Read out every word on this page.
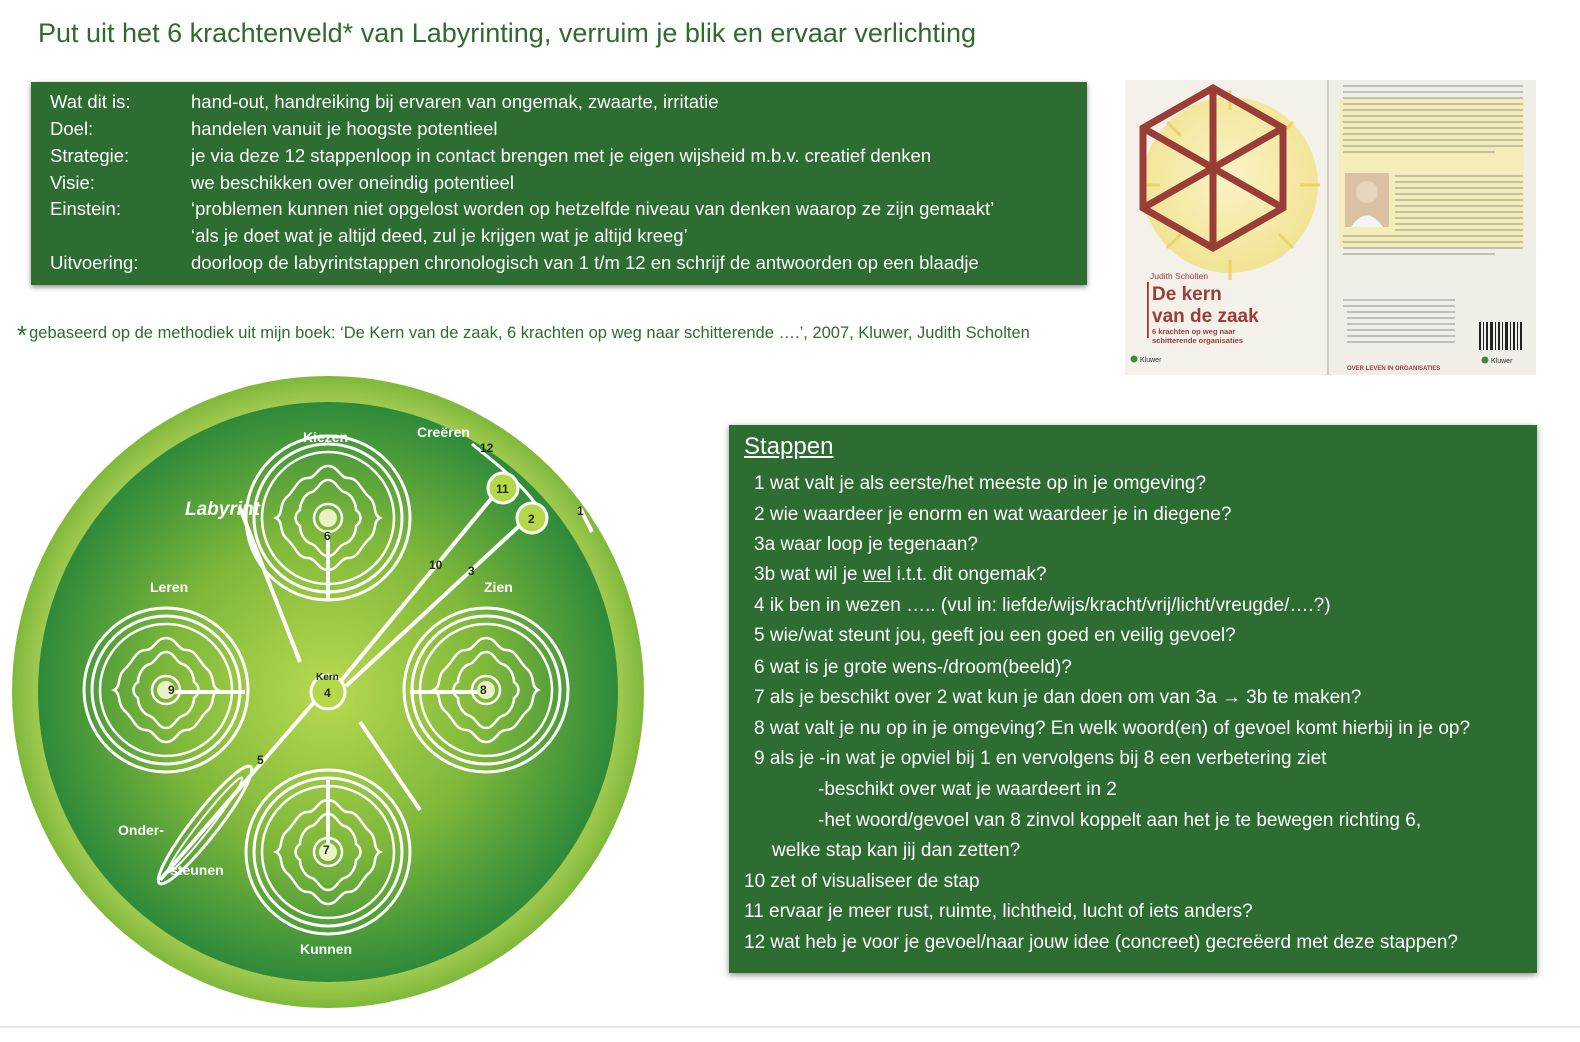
Put uit het 6 krachtenveld* van Labyrinting, verruim je blik en ervaar verlichting
Wat dit is:	hand-out, handreiking bij ervaren van ongemak, zwaarte, irritatie
Doel:	handelen vanuit je hoogste potentieel
Strategie:	je via deze 12 stappenloop in contact brengen met je eigen wijsheid m.b.v. creatief denken
Visie:	we beschikken over oneindig potentieel
Einstein:	‘problemen kunnen niet opgelost worden op hetzelfde niveau van denken waarop ze zijn gemaakt’
‘als je doet wat je altijd deed, zul je krijgen wat je altijd kreeg’
Uitvoering:	doorloop de labyrintstappen chronologisch van 1 t/m 12 en schrijf de antwoorden op een blaadje
* gebaseerd op de methodiek uit mijn boek: ‘De Kern van de zaak, 6 krachten op weg naar schitterende ….’, 2007, Kluwer, Judith Scholten
Judith Scholten
De kern
van de zaak
6 krachten op weg naar
schitterende organisaties
Kluwer	Kluwer
OVER LEVEN IN ORGANISATIES
Labyrint
Kiezen
Leren	Zien
Kunnen
Creëren
Onder-
steunen
Kern
4
11
2
6
9	8
7
10 3
5
12
1
Stappen
1 wat valt je als eerste/het meeste op in je omgeving?
2 wie waardeer je enorm en wat waardeer je in diegene?
3a waar loop je tegenaan?
3b wat wil je wel i.t.t. dit ongemak?
4 ik ben in wezen ….. (vul in: liefde/wijs/kracht/vrij/licht/vreugde/….?)
5 wie/wat steunt jou, geeft jou een goed en veilig gevoel?
6 wat is je grote wens-/droom(beeld)?
7 als je beschikt over 2 wat kun je dan doen om van 3a → 3b te maken?
8 wat valt je nu op in je omgeving? En welk woord(en) of gevoel komt hierbij in je op?
9 als je -in wat je opviel bij 1 en vervolgens bij 8 een verbetering ziet
-beschikt over wat je waardeert in 2
-het woord/gevoel van 8 zinvol koppelt aan het je te bewegen richting 6,
welke stap kan jij dan zetten?
10 zet of visualiseer de stap
11 ervaar je meer rust, ruimte, lichtheid, lucht of iets anders?
12 wat heb je voor je gevoel/naar jouw idee (concreet) gecreëerd met deze stappen?
